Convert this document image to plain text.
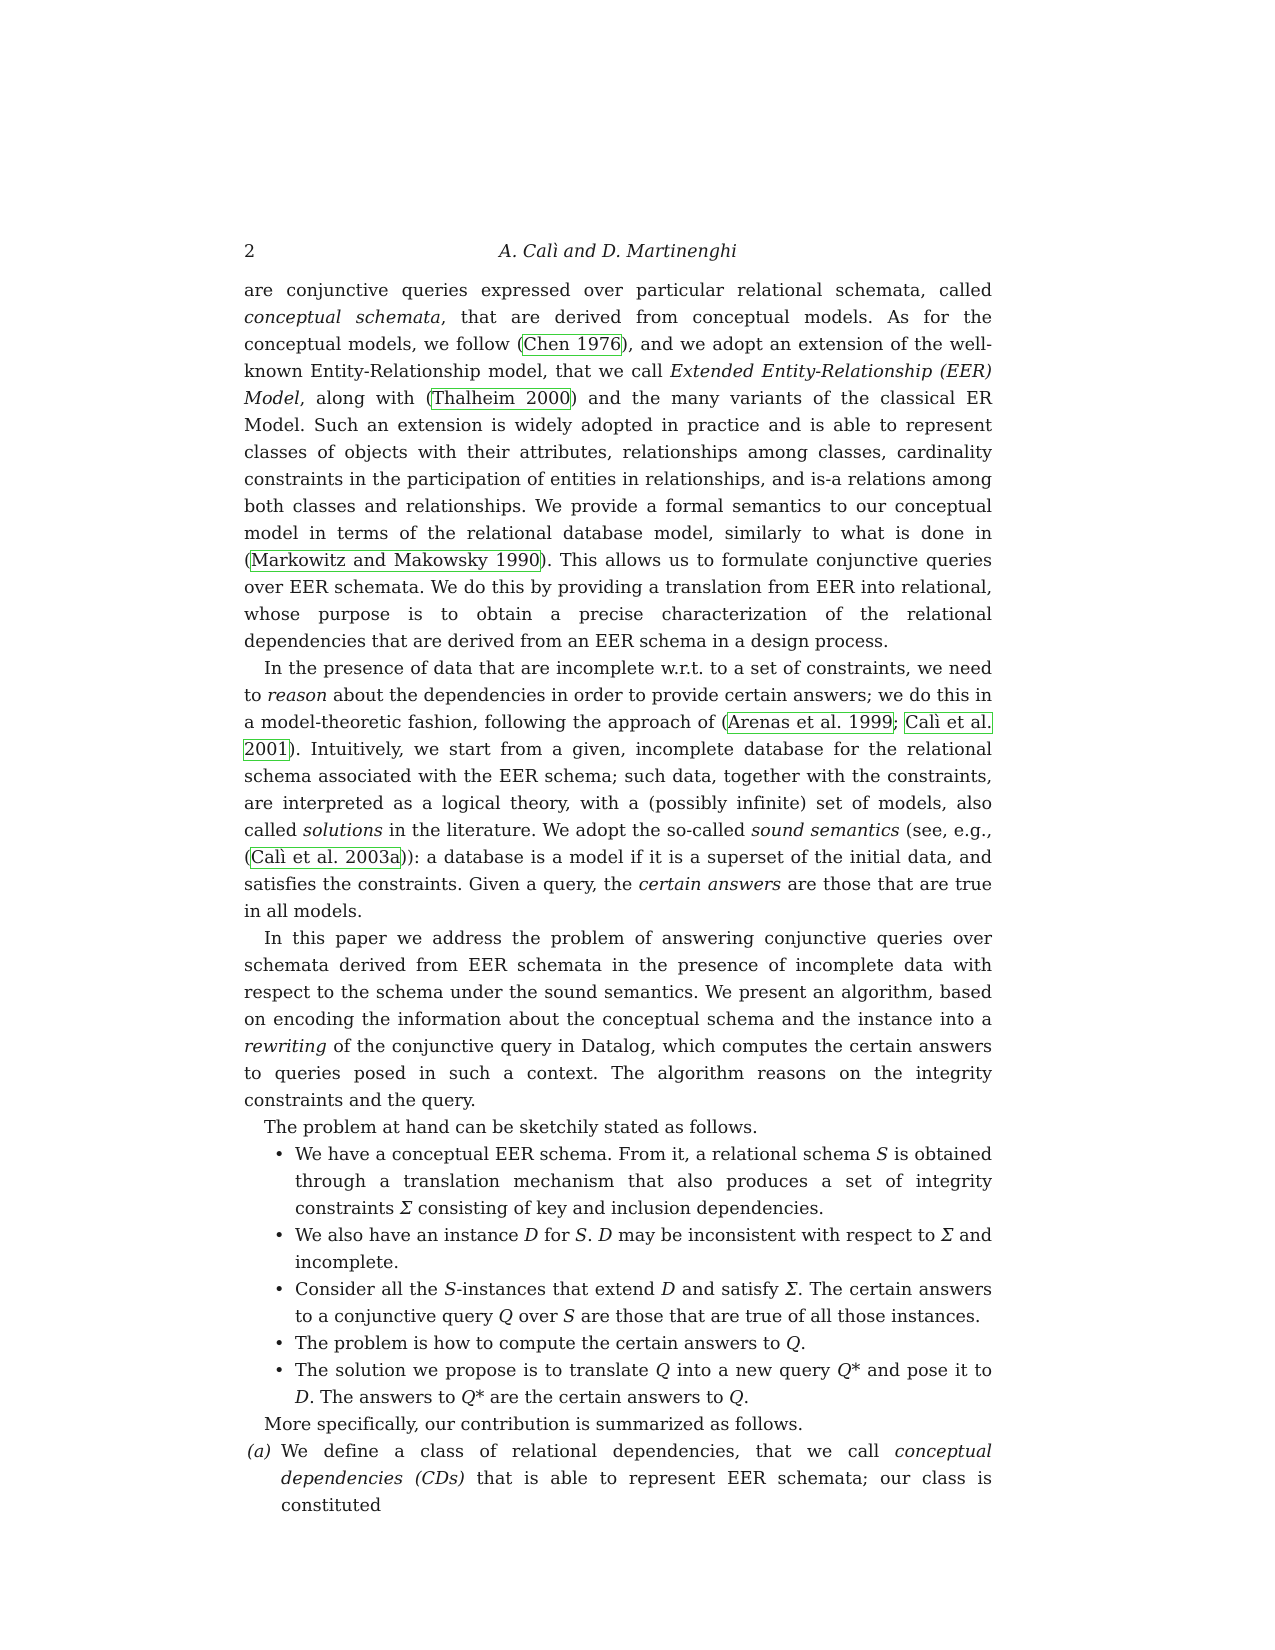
2	A. Calì and D. Martinenghi

are conjunctive queries expressed over particular relational schemata, called conceptual schemata, that are derived from conceptual models. As for the conceptual models, we follow (Chen 1976), and we adopt an extension of the well-known Entity-Relationship model, that we call Extended Entity-Relationship (EER) Model, along with (Thalheim 2000) and the many variants of the classical ER Model. Such an extension is widely adopted in practice and is able to represent classes of objects with their attributes, relationships among classes, cardinality constraints in the participation of entities in relationships, and is-a relations among both classes and relationships. We provide a formal semantics to our conceptual model in terms of the relational database model, similarly to what is done in (Markowitz and Makowsky 1990). This allows us to formulate conjunctive queries over EER schemata. We do this by providing a translation from EER into relational, whose purpose is to obtain a precise characterization of the relational dependencies that are derived from an EER schema in a design process.

In the presence of data that are incomplete w.r.t. to a set of constraints, we need to reason about the dependencies in order to provide certain answers; we do this in a model-theoretic fashion, following the approach of (Arenas et al. 1999; Calì et al. 2001). Intuitively, we start from a given, incomplete database for the relational schema associated with the EER schema; such data, together with the constraints, are interpreted as a logical theory, with a (possibly infinite) set of models, also called solutions in the literature. We adopt the so-called sound semantics (see, e.g., (Calì et al. 2003a)): a database is a model if it is a superset of the initial data, and satisfies the constraints. Given a query, the certain answers are those that are true in all models.

In this paper we address the problem of answering conjunctive queries over schemata derived from EER schemata in the presence of incomplete data with respect to the schema under the sound semantics. We present an algorithm, based on encoding the information about the conceptual schema and the instance into a rewriting of the conjunctive query in Datalog, which computes the certain answers to queries posed in such a context. The algorithm reasons on the integrity constraints and the query.

The problem at hand can be sketchily stated as follows.

• We have a conceptual EER schema. From it, a relational schema S is obtained through a translation mechanism that also produces a set of integrity constraints Σ consisting of key and inclusion dependencies.
• We also have an instance D for S. D may be inconsistent with respect to Σ and incomplete.
• Consider all the S-instances that extend D and satisfy Σ. The certain answers to a conjunctive query Q over S are those that are true of all those instances.
• The problem is how to compute the certain answers to Q.
• The solution we propose is to translate Q into a new query Q* and pose it to D. The answers to Q* are the certain answers to Q.

More specifically, our contribution is summarized as follows.

(a) We define a class of relational dependencies, that we call conceptual dependencies (CDs) that is able to represent EER schemata; our class is constituted
